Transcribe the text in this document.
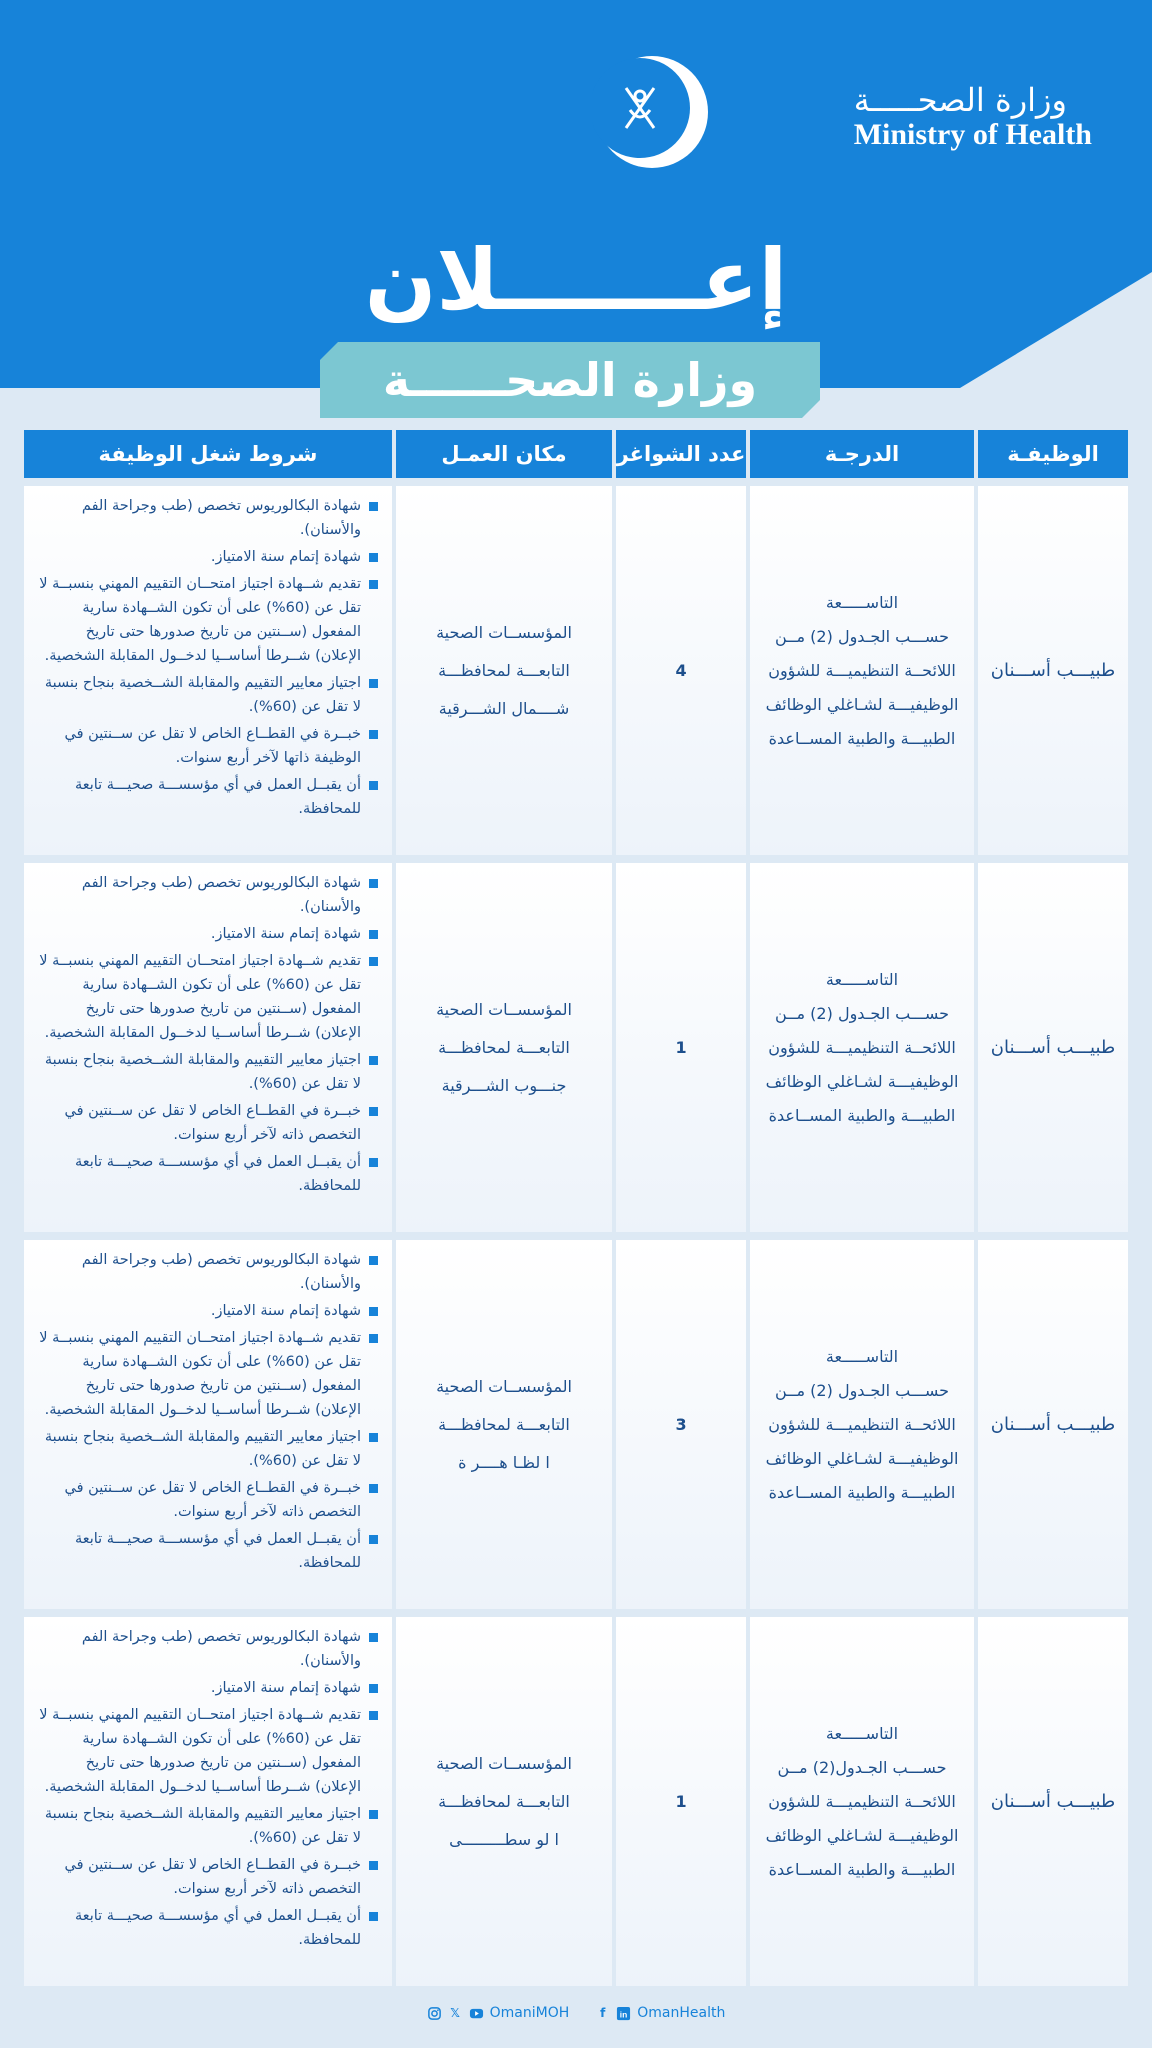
وزارة الصحـــــة
Ministry of Health
إعـــــــلان
وزارة الصحــــــة
الوظيفـة
الدرجـة
عدد الشواغر
مكان العمـل
شروط شغل الوظيفة
طبيـــب أســـنان
التاســـــعة
حســـب الجـدول (2) مــن
اللائحــة التنظيميـــة للشؤون
الوظيفيـــة لشـاغلي الوظائف
الطبيـــة والطبية المســاعدة
4
المؤسســات الصحية
التابعـــة لمحافظـــة
شــــمال الشـــرقية
شهادة البكالوريوس تخصص (طب وجراحة الفم والأسنان).
شهادة إتمام سنة الامتياز.
تقديم شــهادة اجتياز امتحــان التقييم المهني بنسبــة لا تقل عن (60%) على أن تكون الشــهادة سارية المفعول (ســنتين من تاريخ صدورها حتى تاريخ الإعلان) شــرطا أساســيا لدخــول المقابلة الشخصية.
اجتياز معايير التقييم والمقابلة الشــخصية بنجاح بنسبة لا تقل عن (60%).
خبــرة في القطــاع الخاص لا تقل عن ســنتين في الوظيفة ذاتها لآخر أربع سنوات.
أن يقبــل العمل في أي مؤسســـة صحيـــة تابعة للمحافظة.
طبيـــب أســـنان
التاســـــعة
حســـب الجـدول (2) مــن
اللائحــة التنظيميـــة للشؤون
الوظيفيـــة لشـاغلي الوظائف
الطبيـــة والطبية المســاعدة
1
المؤسســات الصحية
التابعـــة لمحافظـــة
جنـــوب الشـــرقية
شهادة البكالوريوس تخصص (طب وجراحة الفم والأسنان).
شهادة إتمام سنة الامتياز.
تقديم شــهادة اجتياز امتحــان التقييم المهني بنسبــة لا تقل عن (60%) على أن تكون الشــهادة سارية المفعول (ســنتين من تاريخ صدورها حتى تاريخ الإعلان) شــرطا أساســيا لدخــول المقابلة الشخصية.
اجتياز معايير التقييم والمقابلة الشــخصية بنجاح بنسبة لا تقل عن (60%).
خبــرة في القطــاع الخاص لا تقل عن ســنتين في التخصص ذاته لآخر أربع سنوات.
أن يقبــل العمل في أي مؤسســـة صحيـــة تابعة للمحافظة.
طبيـــب أســـنان
التاســـــعة
حســـب الجـدول (2) مــن
اللائحــة التنظيميـــة للشؤون
الوظيفيـــة لشـاغلي الوظائف
الطبيـــة والطبية المســاعدة
3
المؤسســات الصحية
التابعـــة لمحافظـــة
ا لظـا هــــر ة
شهادة البكالوريوس تخصص (طب وجراحة الفم والأسنان).
شهادة إتمام سنة الامتياز.
تقديم شــهادة اجتياز امتحــان التقييم المهني بنسبــة لا تقل عن (60%) على أن تكون الشــهادة سارية المفعول (ســنتين من تاريخ صدورها حتى تاريخ الإعلان) شــرطا أساســيا لدخــول المقابلة الشخصية.
اجتياز معايير التقييم والمقابلة الشــخصية بنجاح بنسبة لا تقل عن (60%).
خبــرة في القطــاع الخاص لا تقل عن ســنتين في التخصص ذاته لآخر أربع سنوات.
أن يقبــل العمل في أي مؤسســـة صحيـــة تابعة للمحافظة.
طبيـــب أســـنان
التاســـــعة
حســـب الجـدول(2) مــن
اللائحــة التنظيميـــة للشؤون
الوظيفيـــة لشـاغلي الوظائف
الطبيـــة والطبية المســاعدة
1
المؤسســات الصحية
التابعـــة لمحافظـــة
ا لو سطـــــــــى
شهادة البكالوريوس تخصص (طب وجراحة الفم والأسنان).
شهادة إتمام سنة الامتياز.
تقديم شــهادة اجتياز امتحــان التقييم المهني بنسبــة لا تقل عن (60%) على أن تكون الشــهادة سارية المفعول (ســنتين من تاريخ صدورها حتى تاريخ الإعلان) شــرطا أساســيا لدخــول المقابلة الشخصية.
اجتياز معايير التقييم والمقابلة الشــخصية بنجاح بنسبة لا تقل عن (60%).
خبــرة في القطــاع الخاص لا تقل عن ســنتين في التخصص ذاته لآخر أربع سنوات.
أن يقبــل العمل في أي مؤسســـة صحيـــة تابعة للمحافظة.
𝕏 OmaniMOH	f	in OmanHealth
